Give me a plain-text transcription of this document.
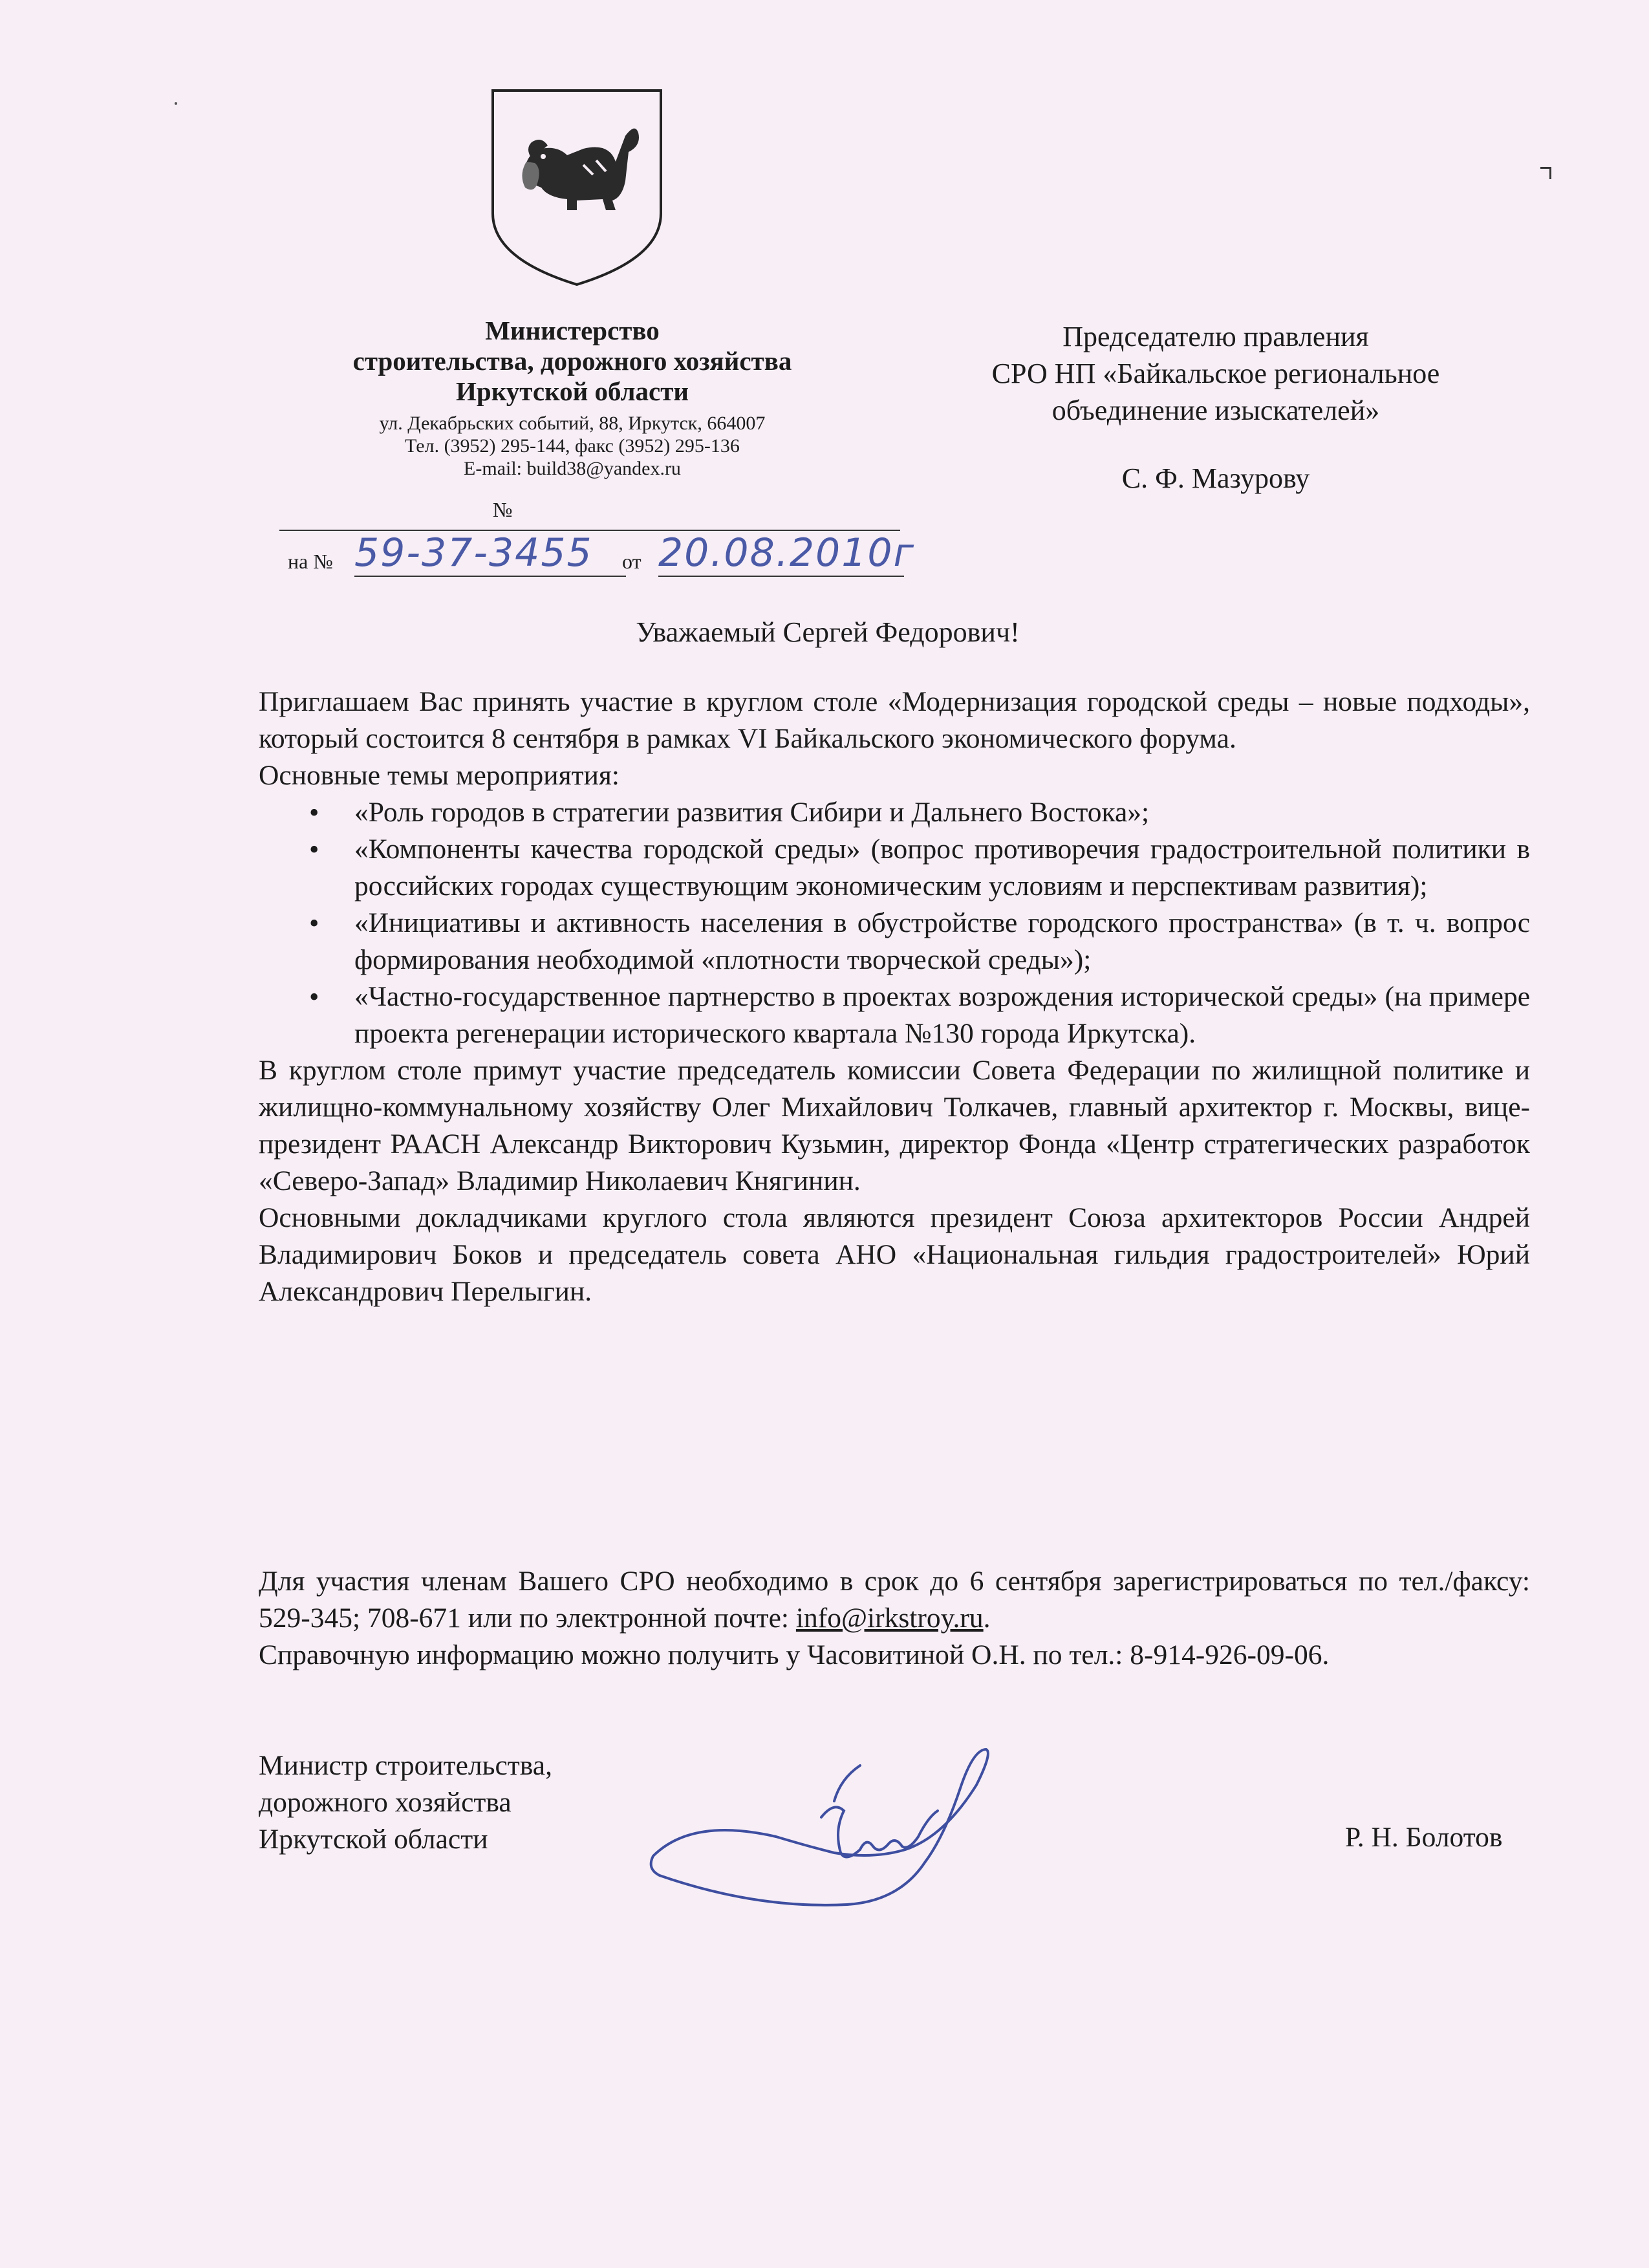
Министерство
строительства, дорожного хозяйства
Иркутской области
ул. Декабрьских событий, 88, Иркутск, 664007
Тел. (3952) 295-144, факс (3952) 295-136
E-mail: build38@yandex.ru
№
на № 59-37-3455	от 20.08.2010г
Председателю правления
СРО НП «Байкальское региональное
объединение изыскателей»
С. Ф. Мазурову
Уважаемый Сергей Федорович!

Приглашаем Вас принять участие в круглом столе «Модернизация городской среды – новые подходы», который состоится 8 сентября в рамках VI Байкальского экономического форума.

Основные темы мероприятия:

• «Роль городов в стратегии развития Сибири и Дальнего Востока»;
• «Компоненты качества городской среды» (вопрос противоречия градостроительной политики в российских городах существующим экономическим условиям и перспективам развития);
• «Инициативы и активность населения в обустройстве городского пространства» (в т. ч. вопрос формирования необходимой «плотности творческой среды»);
• «Частно-государственное партнерство в проектах возрождения исторической среды» (на примере проекта регенерации исторического квартала №130 города Иркутска).

В круглом столе примут участие председатель комиссии Совета Федерации по жилищной политике и жилищно-коммунальному хозяйству Олег Михайлович Толкачев, главный архитектор г. Москвы, вице-президент РААСН Александр Викторович Кузьмин, директор Фонда «Центр стратегических разработок «Северо-Запад» Владимир Николаевич Княгинин.

Основными докладчиками круглого стола являются президент Союза архитекторов России Андрей Владимирович Боков и председатель совета АНО «Национальная гильдия градостроителей» Юрий Александрович Перелыгин.

Для участия членам Вашего СРО необходимо в срок до 6 сентября зарегистрироваться по тел./факсу: 529-345; 708-671 или по электронной почте: info@irkstroy.ru.
Справочную информацию можно получить у Часовитиной О.Н. по тел.: 8-914-926-09-06.
Министр строительства,
дорожного хозяйства
Иркутской области	Р. Н. Болотов
